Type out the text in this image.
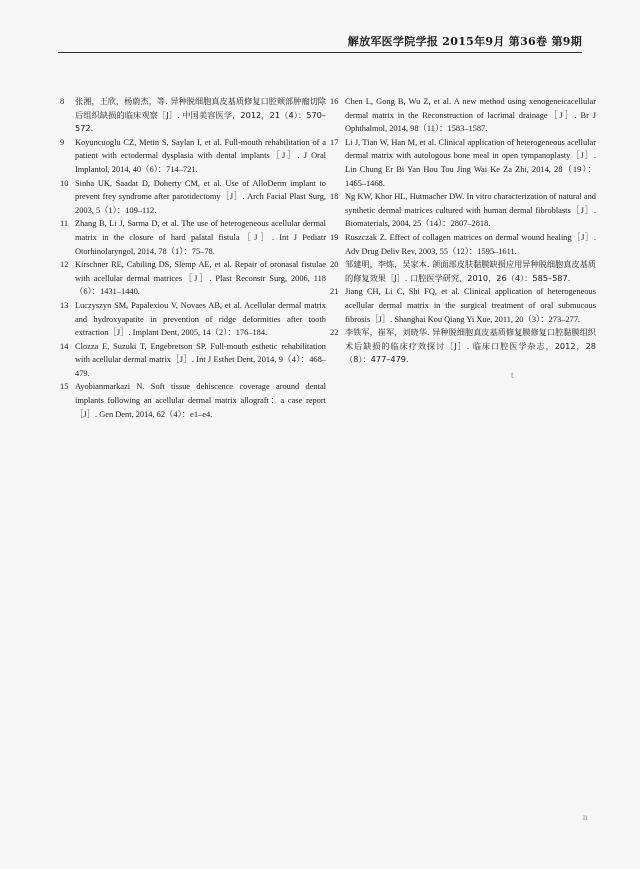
解放军医学院学报 2015年9月 第36卷 第9期
8	张湘，王欣，杨蔚杰，等. 异种脱细胞真皮基质修复口腔颊部肿瘤切除后组织缺损的临床观察［J］. 中国美容医学，2012，21（4）：570–572.
9	Koyuncuoglu CZ, Metin S, Saylan I, et al. Full-mouth rehabilitation of a patient with ectodermal dysplasia with dental implants［J］. J Oral Implantol, 2014, 40（6）：714–721.
10 Sinha UK, Saadat D, Doherty CM, et al. Use of AlloDerm implant to prevent frey syndrome after parotidectomy［J］. Arch Facial Plast Surg, 2003, 5（1）：109–112.
11 Zhang B, Li J, Sarma D, et al. The use of heterogeneous acellular dermal matrix in the closure of hard palatal fistula［J］. Int J Pediatr Otorhinolaryngol, 2014, 78（1）：75–78.
12 Kirschner RE, Cabiling DS, Slemp AE, et al. Repair of oronasal fistulae with acellular dermal matrices［J］. Plast Reconstr Surg, 2006, 118（6）：1431–1440.
13 Luczyszyn SM, Papalexiou V, Novaes AB, et al. Acellular dermal matrix and hydroxyapatite in prevention of ridge deformities after tooth extraction［J］. Implant Dent, 2005, 14（2）：176–184.
14 Clozza E, Suzuki T, Engebretson SP. Full-mouth esthetic rehabilitation with acellular dermal matrix［J］. Int J Esthet Dent, 2014, 9（4）：468–479.
15 Ayobianmarkazi N. Soft tissue dehiscence coverage around dental implants following an acellular dermal matrix allograft：a case report［J］. Gen Dent, 2014, 62（4）：e1–e4.
16 Chen L, Gong B, Wu Z, et al. A new method using xenogeneicacellular dermal matrix in the Reconstruction of lacrimal drainage［J］. Br J Ophthalmol, 2014, 98（11）：1583–1587.
17 Li J, Tian W, Han M, et al. Clinical application of heterogeneous acellular dermal matrix with autologous bone meal in open tympanoplasty［J］. Lin Chung Er Bi Yan Hou Tou Jing Wai Ke Za Zhi, 2014, 28（19）：1465–1468.
18 Ng KW, Khor HL, Hutmacher DW. In vitro characterization of natural and synthetic dermal matrices cultured with human dermal fibroblasts［J］. Biomaterials, 2004, 25（14）：2807–2818.
19 Ruszczak Z. Effect of collagen matrices on dermal wound healing［J］. Adv Drug Deliv Rev, 2003, 55（12）：1595–1611.
20 邹建明，李炼，吴家本. 颌面部皮肤黏膜缺损应用异种脱细胞真皮基质的修复效果［J］. 口腔医学研究，2010，26（4）：585–587.
21 Jiang CH, Li C, Shi FQ, et al. Clinical application of heterogeneous acellular dermal matrix in the surgical treatment of oral submucous fibrosis［J］. Shanghai Kou Qiang Yi Xue, 2011, 20（3）：273–277.
22 李铁军，崔军，刘晓华. 异种脱细胞真皮基质修复膜修复口腔黏膜组织术后缺损的临床疗效探讨［J］. 临床口腔医学杂志，2012，28（8）：477–479.
t
n
